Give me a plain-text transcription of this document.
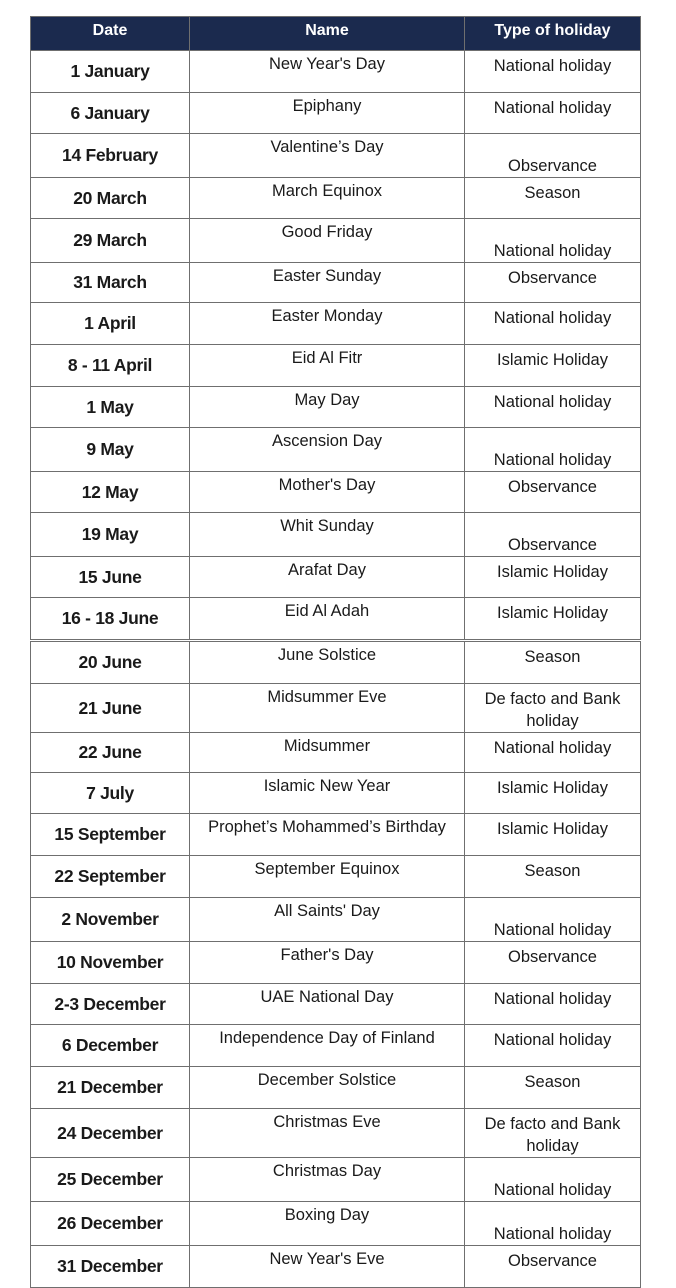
Date	Name	Type of holiday
1 January	New Year's Day	National holiday
6 January	Epiphany	National holiday
14 February	Valentine’s Day	Observance
20 March	March Equinox	Season
29 March	Good Friday	National holiday
31 March	Easter Sunday	Observance
1 April	Easter Monday	National holiday
8 - 11 April	Eid Al Fitr	Islamic Holiday
1 May	May Day	National holiday
9 May	Ascension Day	National holiday
12 May	Mother's Day	Observance
19 May	Whit Sunday	Observance
15 June	Arafat Day	Islamic Holiday
16 - 18 June	Eid Al Adah	Islamic Holiday
20 June	June Solstice	Season
21 June	Midsummer Eve	De facto and Bank holiday
22 June	Midsummer	National holiday
7 July	Islamic New Year	Islamic Holiday
15 September	Prophet’s Mohammed’s Birthday	Islamic Holiday
22 September	September Equinox	Season
2 November	All Saints' Day	National holiday
10 November	Father's Day	Observance
2-3 December	UAE National Day	National holiday
6 December	Independence Day of Finland	National holiday
21 December	December Solstice	Season
24 December	Christmas Eve	De facto and Bank holiday
25 December	Christmas Day	National holiday
26 December	Boxing Day	National holiday
31 December	New Year's Eve	Observance
